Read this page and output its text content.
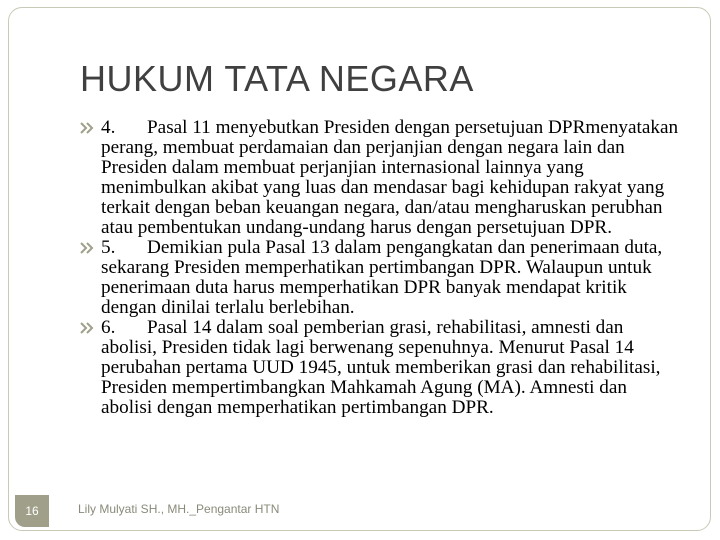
HUKUM TATA NEGARA

4. Pasal 11 menyebutkan Presiden dengan persetujuan DPRmenyatakan perang, membuat perdamaian dan perjanjian dengan negara lain dan Presiden dalam membuat perjanjian internasional lainnya yang menimbulkan akibat yang luas dan mendasar bagi kehidupan rakyat yang terkait dengan beban keuangan negara, dan/atau mengharuskan perubhan atau pembentukan undang-undang harus dengan persetujuan DPR.

5. Demikian pula Pasal 13 dalam pengangkatan dan penerimaan duta, sekarang Presiden memperhatikan pertimbangan DPR. Walaupun untuk penerimaan duta harus memperhatikan DPR banyak mendapat kritik dengan dinilai terlalu berlebihan.

6. Pasal 14 dalam soal pemberian grasi, rehabilitasi, amnesti dan abolisi, Presiden tidak lagi berwenang sepenuhnya. Menurut Pasal 14 perubahan pertama UUD 1945, untuk memberikan grasi dan rehabilitasi, Presiden mempertimbangkan Mahkamah Agung (MA). Amnesti dan abolisi dengan memperhatikan pertimbangan DPR.

16	Lily Mulyati SH., MH._Pengantar HTN
